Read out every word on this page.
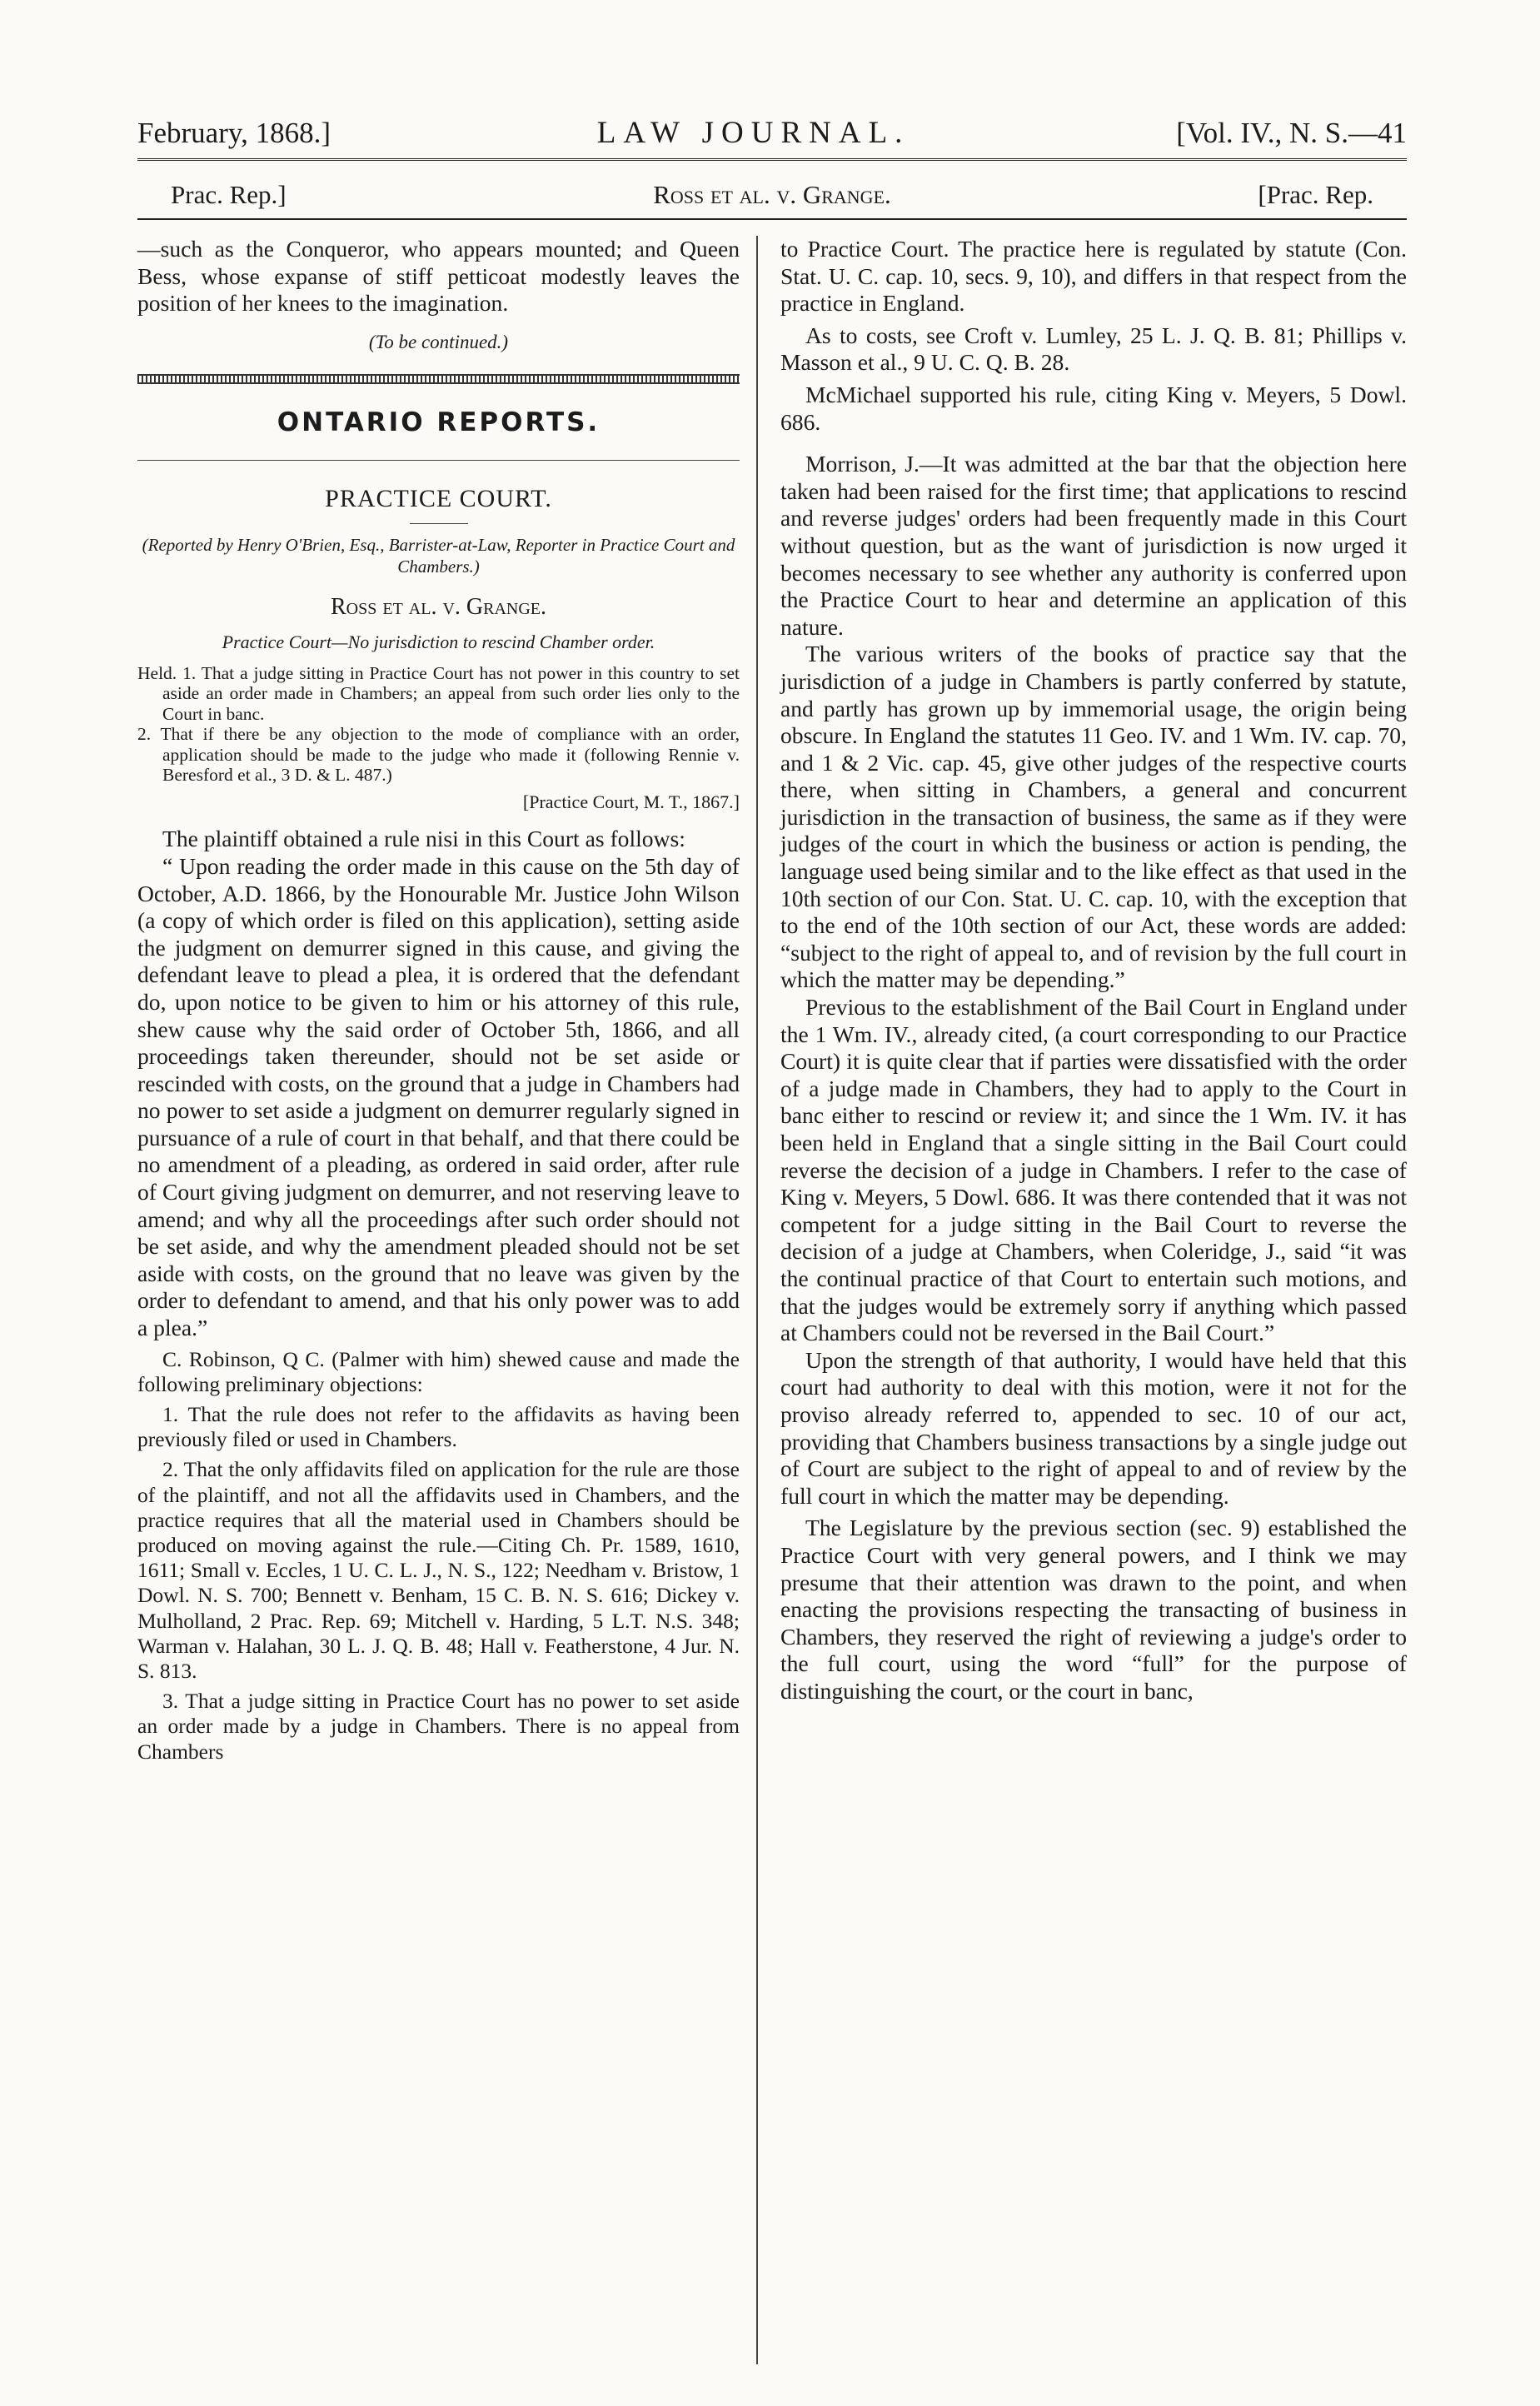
February, 1868.]	LAW JOURNAL.	[Vol. IV., N. S.—41
Prac. Rep.]	Ross et al. v. Grange.	[Prac. Rep.

—such as the Conqueror, who appears mounted; and Queen Bess, whose expanse of stiff petticoat modestly leaves the position of her knees to the imagination.

(To be continued.)
ONTARIO REPORTS.
PRACTICE COURT.
(Reported by Henry O'Brien, Esq., Barrister-at-Law, Reporter in Practice Court and Chambers.)
Ross et al. v. Grange.
Practice Court—No jurisdiction to rescind Chamber order.

Held. 1. That a judge sitting in Practice Court has not power in this country to set aside an order made in Chambers; an appeal from such order lies only to the Court in banc.

2. That if there be any objection to the mode of compliance with an order, application should be made to the judge who made it (following Rennie v. Beresford et al., 3 D. & L. 487.)

[Practice Court, M. T., 1867.]

The plaintiff obtained a rule nisi in this Court as follows:

“ Upon reading the order made in this cause on the 5th day of October, A.D. 1866, by the Honourable Mr. Justice John Wilson (a copy of which order is filed on this application), setting aside the judgment on demurrer signed in this cause, and giving the defendant leave to plead a plea, it is ordered that the defendant do, upon notice to be given to him or his attorney of this rule, shew cause why the said order of October 5th, 1866, and all proceedings taken thereunder, should not be set aside or rescinded with costs, on the ground that a judge in Chambers had no power to set aside a judgment on demurrer regularly signed in pursuance of a rule of court in that behalf, and that there could be no amendment of a pleading, as ordered in said order, after rule of Court giving judgment on demurrer, and not reserving leave to amend; and why all the proceedings after such order should not be set aside, and why the amendment pleaded should not be set aside with costs, on the ground that no leave was given by the order to defendant to amend, and that his only power was to add a plea.”

C. Robinson, Q C. (Palmer with him) shewed cause and made the following preliminary objections:

1. That the rule does not refer to the affidavits as having been previously filed or used in Chambers.

2. That the only affidavits filed on application for the rule are those of the plaintiff, and not all the affidavits used in Chambers, and the practice requires that all the material used in Chambers should be produced on moving against the rule.—Citing Ch. Pr. 1589, 1610, 1611; Small v. Eccles, 1 U. C. L. J., N. S., 122; Needham v. Bristow, 1 Dowl. N. S. 700; Bennett v. Benham, 15 C. B. N. S. 616; Dickey v. Mulholland, 2 Prac. Rep. 69; Mitchell v. Harding, 5 L.T. N.S. 348; Warman v. Halahan, 30 L. J. Q. B. 48; Hall v. Featherstone, 4 Jur. N. S. 813.

3. That a judge sitting in Practice Court has no power to set aside an order made by a judge in Chambers. There is no appeal from Chambers

to Practice Court. The practice here is regulated by statute (Con. Stat. U. C. cap. 10, secs. 9, 10), and differs in that respect from the practice in England.

As to costs, see Croft v. Lumley, 25 L. J. Q. B. 81; Phillips v. Masson et al., 9 U. C. Q. B. 28.

McMichael supported his rule, citing King v. Meyers, 5 Dowl. 686.

Morrison, J.—It was admitted at the bar that the objection here taken had been raised for the first time; that applications to rescind and reverse judges' orders had been frequently made in this Court without question, but as the want of jurisdiction is now urged it becomes necessary to see whether any authority is conferred upon the Practice Court to hear and determine an application of this nature.

The various writers of the books of practice say that the jurisdiction of a judge in Chambers is partly conferred by statute, and partly has grown up by immemorial usage, the origin being obscure. In England the statutes 11 Geo. IV. and 1 Wm. IV. cap. 70, and 1 & 2 Vic. cap. 45, give other judges of the respective courts there, when sitting in Chambers, a general and concurrent jurisdiction in the transaction of business, the same as if they were judges of the court in which the business or action is pending, the language used being similar and to the like effect as that used in the 10th section of our Con. Stat. U. C. cap. 10, with the exception that to the end of the 10th section of our Act, these words are added: “subject to the right of appeal to, and of revision by the full court in which the matter may be depending.”

Previous to the establishment of the Bail Court in England under the 1 Wm. IV., already cited, (a court corresponding to our Practice Court) it is quite clear that if parties were dissatisfied with the order of a judge made in Chambers, they had to apply to the Court in banc either to rescind or review it; and since the 1 Wm. IV. it has been held in England that a single sitting in the Bail Court could reverse the decision of a judge in Chambers. I refer to the case of King v. Meyers, 5 Dowl. 686. It was there contended that it was not competent for a judge sitting in the Bail Court to reverse the decision of a judge at Chambers, when Coleridge, J., said “it was the continual practice of that Court to entertain such motions, and that the judges would be extremely sorry if anything which passed at Chambers could not be reversed in the Bail Court.”

Upon the strength of that authority, I would have held that this court had authority to deal with this motion, were it not for the proviso already referred to, appended to sec. 10 of our act, providing that Chambers business transactions by a single judge out of Court are subject to the right of appeal to and of review by the full court in which the matter may be depending.

The Legislature by the previous section (sec. 9) established the Practice Court with very general powers, and I think we may presume that their attention was drawn to the point, and when enacting the provisions respecting the transacting of business in Chambers, they reserved the right of reviewing a judge's order to the full court, using the word “full” for the purpose of distinguishing the court, or the court in banc,
